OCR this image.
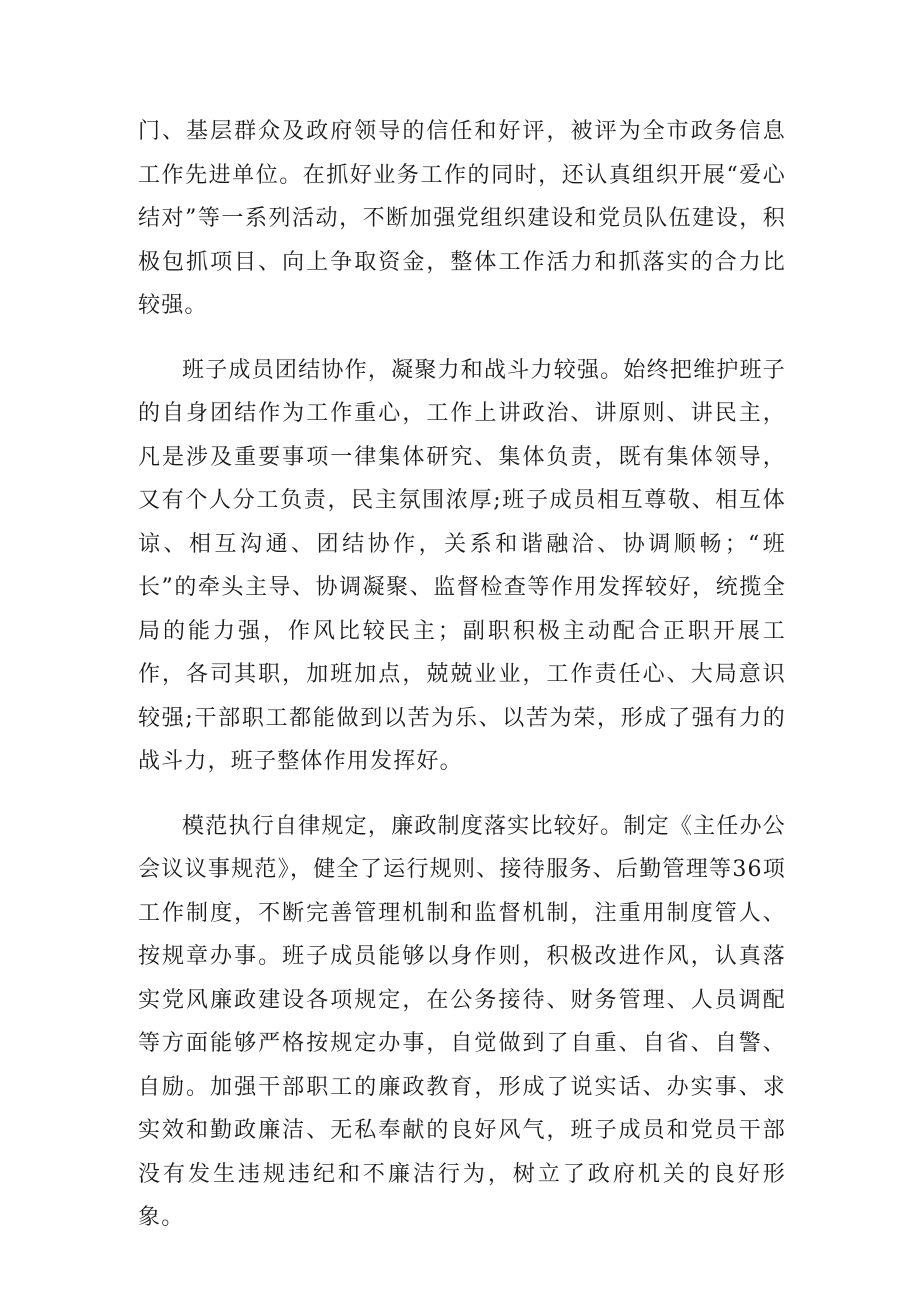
门、基层群众及政府领导的信任和好评，被评为全市政务信息工作先进单位。在抓好业务工作的同时，还认真组织开展“爱心结对”等一系列活动，不断加强党组织建设和党员队伍建设，积极包抓项目、向上争取资金，整体工作活力和抓落实的合力比较强。

班子成员团结协作，凝聚力和战斗力较强。始终把维护班子的自身团结作为工作重心，工作上讲政治、讲原则、讲民主，凡是涉及重要事项一律集体研究、集体负责，既有集体领导，又有个人分工负责，民主氛围浓厚;班子成员相互尊敬、相互体谅、相互沟通、团结协作，关系和谐融洽、协调顺畅；“班长”的牵头主导、协调凝聚、监督检查等作用发挥较好，统揽全局的能力强，作风比较民主；副职积极主动配合正职开展工作，各司其职，加班加点，兢兢业业，工作责任心、大局意识较强;干部职工都能做到以苦为乐、以苦为荣，形成了强有力的战斗力，班子整体作用发挥好。

模范执行自律规定，廉政制度落实比较好。制定《主任办公会议议事规范》，健全了运行规则、接待服务、后勤管理等36项工作制度，不断完善管理机制和监督机制，注重用制度管人、按规章办事。班子成员能够以身作则，积极改进作风，认真落实党风廉政建设各项规定，在公务接待、财务管理、人员调配等方面能够严格按规定办事，自觉做到了自重、自省、自警、自励。加强干部职工的廉政教育，形成了说实话、办实事、求实效和勤政廉洁、无私奉献的良好风气，班子成员和党员干部没有发生违规违纪和不廉洁行为，树立了政府机关的良好形象。
